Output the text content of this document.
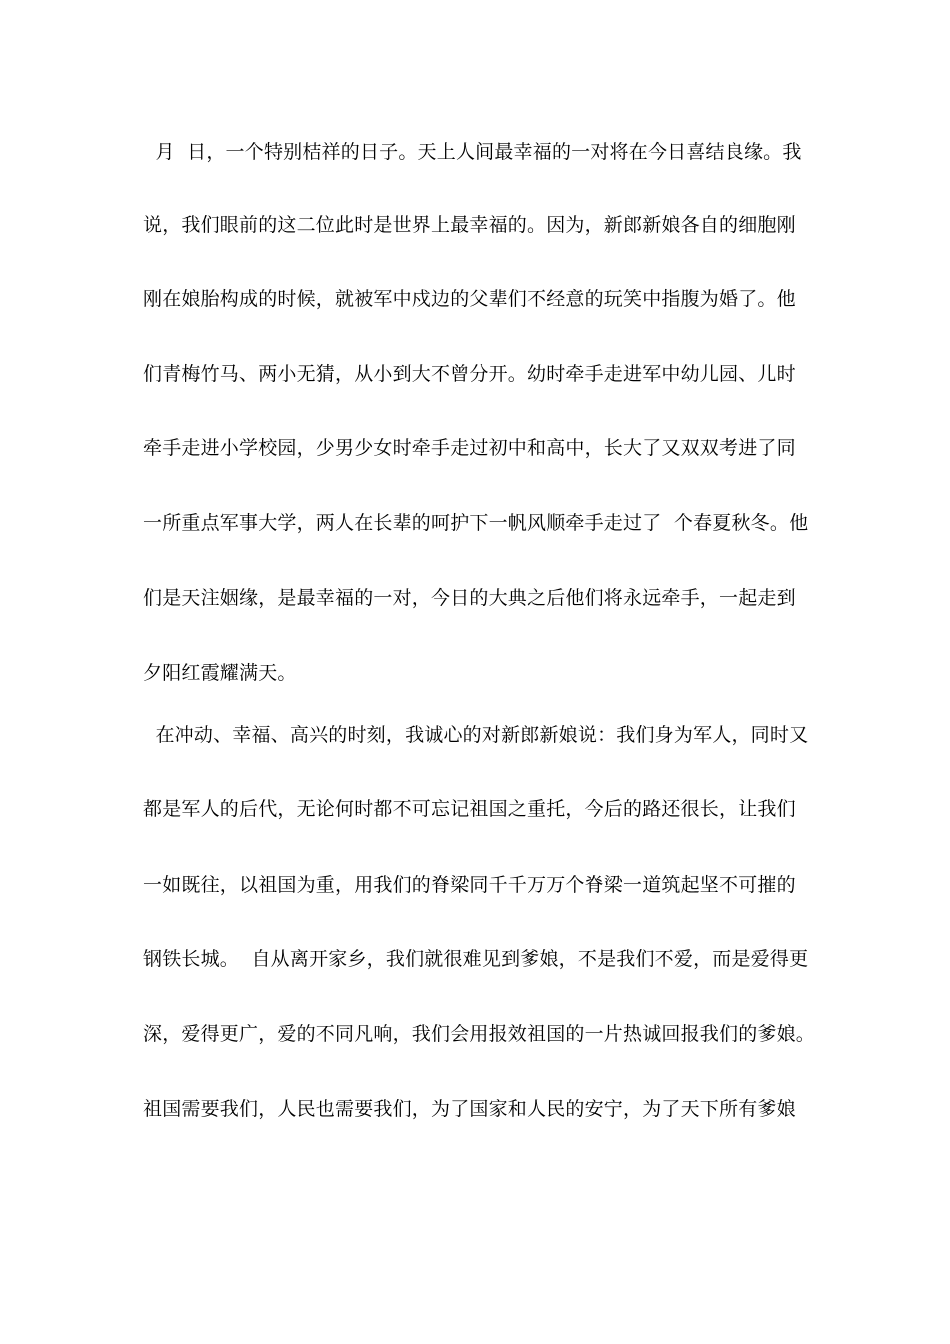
月  日，一个特别桔祥的日子。天上人间最幸福的一对将在今日喜结良缘。我
说，我们眼前的这二位此时是世界上最幸福的。因为，新郎新娘各自的细胞刚
刚在娘胎构成的时候，就被军中戍边的父辈们不经意的玩笑中指腹为婚了。他
们青梅竹马、两小无猜，从小到大不曾分开。幼时牵手走进军中幼儿园、儿时
牵手走进小学校园，少男少女时牵手走过初中和高中，长大了又双双考进了同
一所重点军事大学，两人在长辈的呵护下一帆风顺牵手走过了  个春夏秋冬。他
们是天注姻缘，是最幸福的一对，今日的大典之后他们将永远牵手，一起走到
夕阳红霞耀满天。
在冲动、幸福、高兴的时刻，我诚心的对新郎新娘说：我们身为军人，同时又
都是军人的后代，无论何时都不可忘记祖国之重托，今后的路还很长，让我们
一如既往，以祖国为重，用我们的脊梁同千千万万个脊梁一道筑起坚不可摧的
钢铁长城。  自从离开家乡，我们就很难见到爹娘，不是我们不爱，而是爱得更
深，爱得更广，爱的不同凡响，我们会用报效祖国的一片热诚回报我们的爹娘。
祖国需要我们，人民也需要我们，为了国家和人民的安宁，为了天下所有爹娘
